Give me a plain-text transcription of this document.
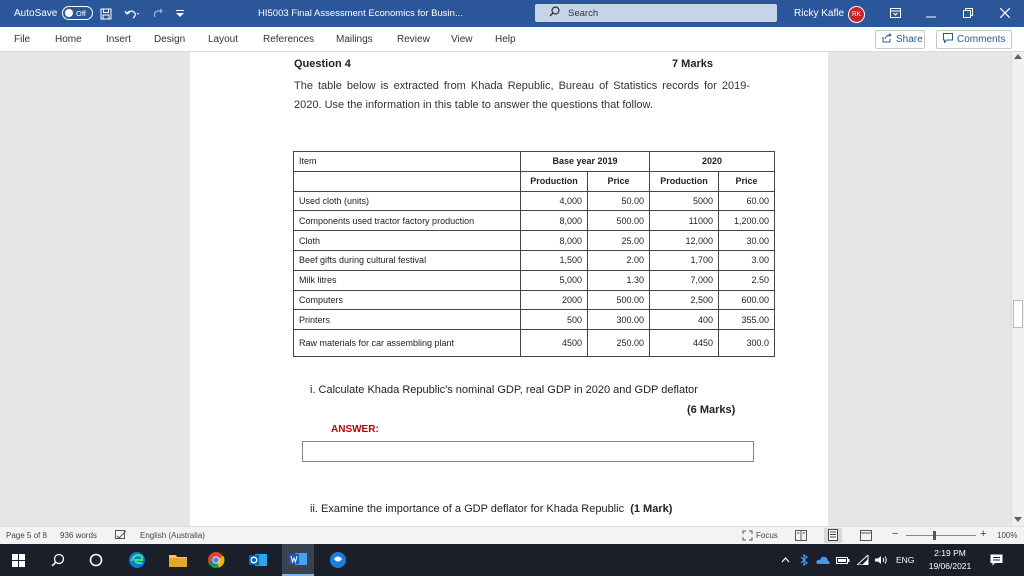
AutoSave Off	HI5003 Final Assessment Economics for Busin...	Search	Ricky Kafle	RK
File Home Insert Design Layout References Mailings Review View Help	Share	Comments
Question 4	7 Marks
The table below is extracted from Khada Republic, Bureau of Statistics records for 2019-2020. Use the information in this table to answer the questions that follow.
Item	Base year 2019		2020	
	Production	Price	Production	Price
Used cloth (units)	4,000	50.00	5000	60.00
Components used tractor factory production	8,000	500.00	11000	1,200.00
Cloth	8,000	25.00	12,000	30.00
Beef gifts during cultural festival	1,500	2.00	1,700	3.00
Milk litres	5,000	1.30	7,000	2.50
Computers	2000	500.00	2,500	600.00
Printers	500	300.00	400	355.00
Raw materials for car assembling plant	4500	250.00	4450	300.0
i. Calculate Khada Republic's nominal GDP, real GDP in 2020 and GDP deflator
(6 Marks)
ANSWER:
ii. Examine the importance of a GDP deflator for Khada Republic (1 Mark)
Page 5 of 8 936 words	English (Australia)	Focus	−	+ 100%
ENG
2:19 PM
19/06/2021
